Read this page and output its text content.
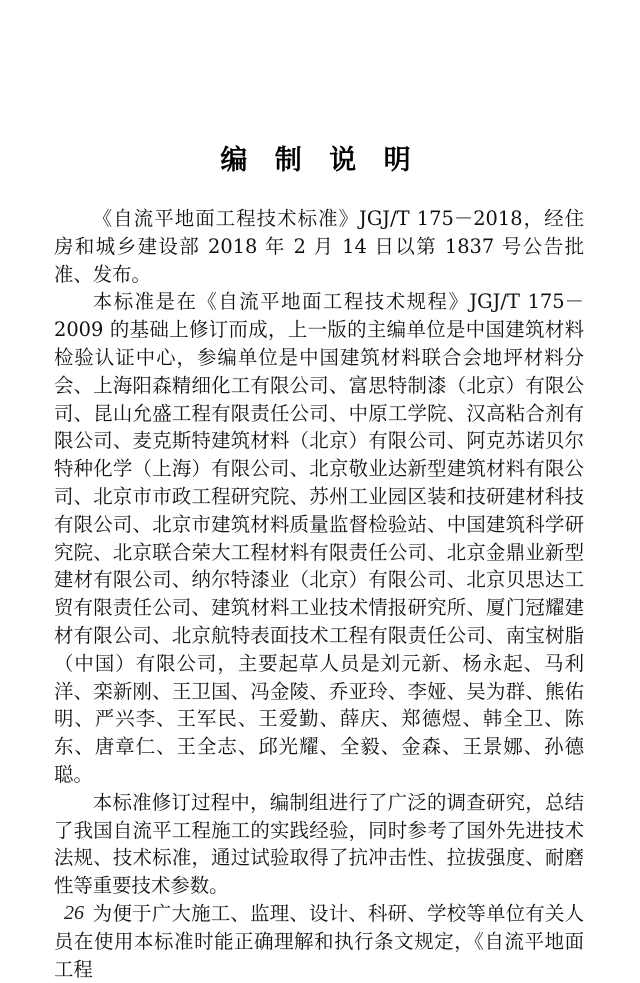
编 制 说 明

《自流平地面工程技术标准》JGJ/T 175－2018，经住房和城乡建设部 2018 年 2 月 14 日以第 1837 号公告批准、发布。

本标准是在《自流平地面工程技术规程》JGJ/T 175－2009 的基础上修订而成，上一版的主编单位是中国建筑材料检验认证中心，参编单位是中国建筑材料联合会地坪材料分会、上海阳森精细化工有限公司、富思特制漆（北京）有限公司、昆山允盛工程有限责任公司、中原工学院、汉高粘合剂有限公司、麦克斯特建筑材料（北京）有限公司、阿克苏诺贝尔特种化学（上海）有限公司、北京敬业达新型建筑材料有限公司、北京市市政工程研究院、苏州工业园区装和技研建材科技有限公司、北京市建筑材料质量监督检验站、中国建筑科学研究院、北京联合荣大工程材料有限责任公司、北京金鼎业新型建材有限公司、纳尔特漆业（北京）有限公司、北京贝思达工贸有限责任公司、建筑材料工业技术情报研究所、厦门冠耀建材有限公司、北京航特表面技术工程有限责任公司、南宝树脂（中国）有限公司，主要起草人员是刘元新、杨永起、马利洋、栾新刚、王卫国、冯金陵、乔亚玲、李娅、吴为群、熊佑明、严兴李、王军民、王爱勤、薛庆、郑德煜、韩全卫、陈东、唐章仁、王全志、邱光耀、全毅、金森、王景娜、孙德聪。

本标准修订过程中，编制组进行了广泛的调查研究，总结了我国自流平工程施工的实践经验，同时参考了国外先进技术法规、技术标准，通过试验取得了抗冲击性、拉拔强度、耐磨性等重要技术参数。

为便于广大施工、监理、设计、科研、学校等单位有关人员在使用本标准时能正确理解和执行条文规定，《自流平地面工程

26
